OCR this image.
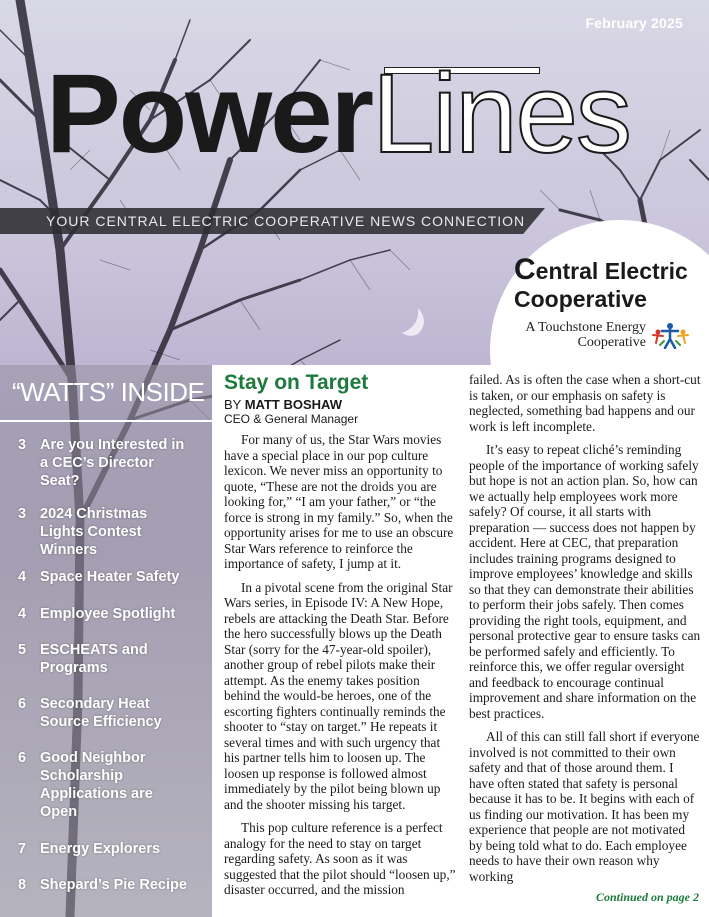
February 2025
PowerLines
YOUR CENTRAL ELECTRIC COOPERATIVE NEWS CONNECTION
Central Electric
Cooperative
A Touchstone Energy
Cooperative
“WATTS” INSIDE
3 Are you Interested in a CEC’s Director Seat?
3 2024 Christmas Lights Contest Winners
4 Space Heater Safety
4 Employee Spotlight
5 ESCHEATS and Programs
6 Secondary Heat Source Efficiency
6 Good Neighbor Scholarship Applications are Open
7 Energy Explorers
8 Shepard’s Pie Recipe
Stay on Target
BY MATT BOSHAW
CEO & General Manager

For many of us, the Star Wars movies have a special place in our pop culture lexicon. We never miss an opportunity to quote, “These are not the droids you are looking for,” “I am your father,” or “the force is strong in my family.” So, when the opportunity arises for me to use an obscure Star Wars reference to reinforce the importance of safety, I jump at it.

In a pivotal scene from the original Star Wars series, in Episode IV: A New Hope, rebels are attacking the Death Star. Before the hero successfully blows up the Death Star (sorry for the 47-year-old spoiler), another group of rebel pilots make their attempt. As the enemy takes position behind the would-be heroes, one of the escorting fighters continually reminds the shooter to “stay on target.” He repeats it several times and with such urgency that his partner tells him to loosen up. The loosen up response is followed almost immediately by the pilot being blown up and the shooter missing his target.

This pop culture reference is a perfect analogy for the need to stay on target regarding safety. As soon as it was suggested that the pilot should “loosen up,” disaster occurred, and the mission

failed. As is often the case when a short-cut is taken, or our emphasis on safety is neglected, something bad happens and our work is left incomplete.

It’s easy to repeat cliché’s reminding people of the importance of working safely but hope is not an action plan. So, how can we actually help employees work more safely? Of course, it all starts with preparation — success does not happen by accident. Here at CEC, that preparation includes training programs designed to improve employees’ knowledge and skills so that they can demonstrate their abilities to perform their jobs safely. Then comes providing the right tools, equipment, and personal protective gear to ensure tasks can be performed safely and efficiently. To reinforce this, we offer regular oversight and feedback to encourage continual improvement and share information on the best practices.

All of this can still fall short if everyone involved is not committed to their own safety and that of those around them. I have often stated that safety is personal because it has to be. It begins with each of us finding our motivation. It has been my experience that people are not motivated by being told what to do. Each employee needs to have their own reason why working

Continued on page 2
